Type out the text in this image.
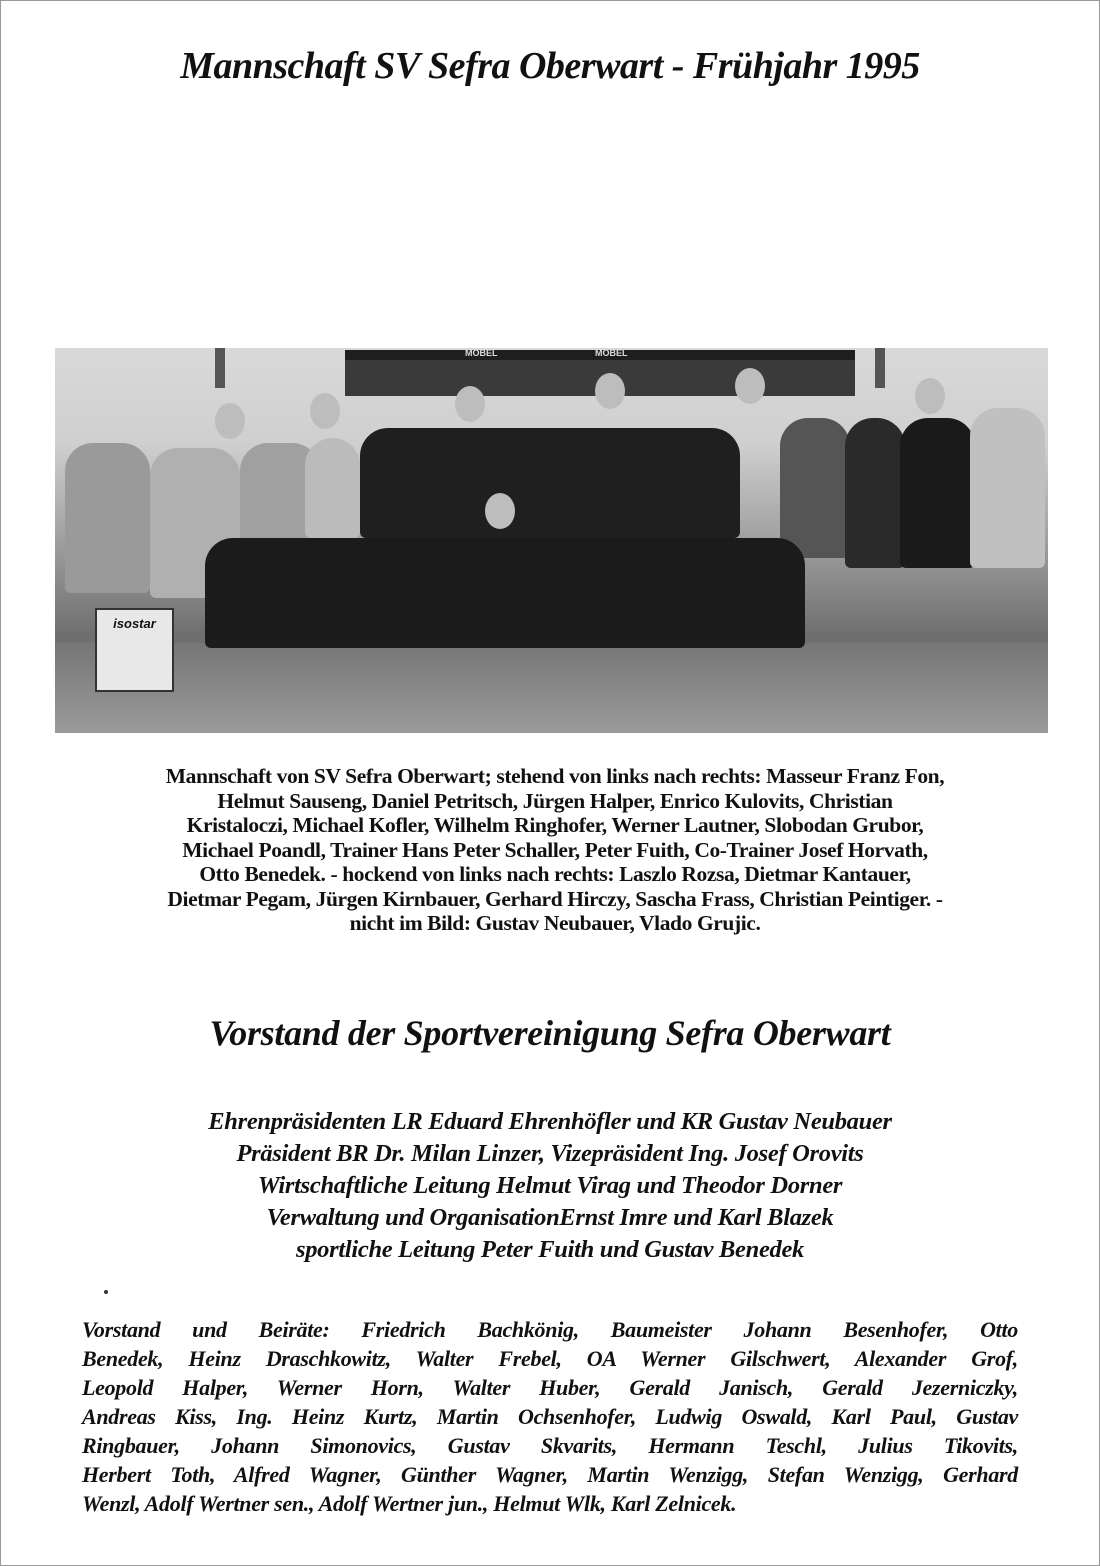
Mannschaft SV Sefra Oberwart - Frühjahr 1995
MOBEL	MOBEL
isostar
Mannschaft von SV Sefra Oberwart; stehend von links nach rechts: Masseur Franz Fon,
Helmut Sauseng, Daniel Petritsch, Jürgen Halper, Enrico Kulovits, Christian
Kristaloczi, Michael Kofler, Wilhelm Ringhofer, Werner Lautner, Slobodan Grubor,
Michael Poandl, Trainer Hans Peter Schaller, Peter Fuith, Co-Trainer Josef Horvath,
Otto Benedek. - hockend von links nach rechts: Laszlo Rozsa, Dietmar Kantauer,
Dietmar Pegam, Jürgen Kirnbauer, Gerhard Hirczy, Sascha Frass, Christian Peintiger. -
nicht im Bild: Gustav Neubauer, Vlado Grujic.
Vorstand der Sportvereinigung Sefra Oberwart
Ehrenpräsidenten LR Eduard Ehrenhöfler und KR Gustav Neubauer
Präsident BR Dr. Milan Linzer, Vizepräsident Ing. Josef Orovits
Wirtschaftliche Leitung Helmut Virag und Theodor Dorner
Verwaltung und OrganisationErnst Imre und Karl Blazek
sportliche Leitung Peter Fuith und Gustav Benedek
Vorstand und Beiräte: Friedrich Bachkönig, Baumeister Johann Besenhofer, Otto
Benedek, Heinz Draschkowitz, Walter Frebel, OA Werner Gilschwert, Alexander Grof,
Leopold Halper, Werner Horn, Walter Huber, Gerald Janisch, Gerald Jezerniczky,
Andreas Kiss, Ing. Heinz Kurtz, Martin Ochsenhofer, Ludwig Oswald, Karl Paul, Gustav
Ringbauer, Johann Simonovics, Gustav Skvarits, Hermann Teschl, Julius Tikovits,
Herbert Toth, Alfred Wagner, Günther Wagner, Martin Wenzigg, Stefan Wenzigg, Gerhard
Wenzl, Adolf Wertner sen., Adolf Wertner jun., Helmut Wlk, Karl Zelnicek.
